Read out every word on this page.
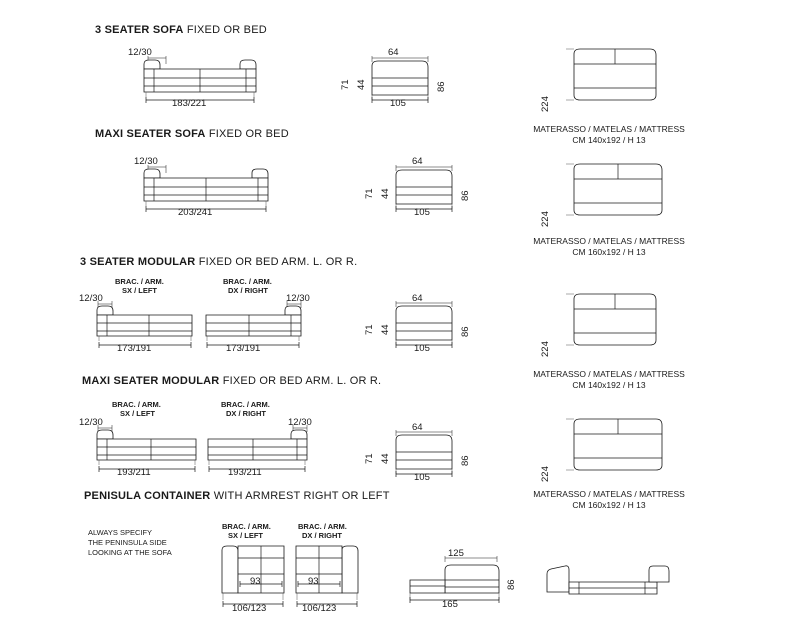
3 SEATER SOFA FIXED OR BED
12/30
183/221
64
71 44	86
105	224
MATERASSO / MATELAS / MATTRESS
CM 140x192 / H 13
MAXI SEATER SOFA FIXED OR BED
12/30
203/241
64
71 44	86
105	224
MATERASSO / MATELAS / MATTRESS
CM 160x192 / H 13
3 SEATER MODULAR FIXED OR BED ARM. L. OR R.
BRAC. / ARM.
SX / LEFT
BRAC. / ARM.
DX / RIGHT
12/30	12/30
173/191	173/191
64
71 44	86
105	224
MATERASSO / MATELAS / MATTRESS
CM 140x192 / H 13
MAXI SEATER MODULAR FIXED OR BED ARM. L. OR R.
BRAC. / ARM.
SX / LEFT
BRAC. / ARM.
DX / RIGHT
12/30	12/30
193/211	193/211
64
71 44	86
105	224
MATERASSO / MATELAS / MATTRESS
CM 160x192 / H 13
PENISULA CONTAINER WITH ARMREST RIGHT OR LEFT
ALWAYS SPECIFY
THE PENINSULA SIDE
LOOKING AT THE SOFA
BRAC. / ARM.
SX / LEFT
BRAC. / ARM.
DX / RIGHT
93
106/123
93
106/123
125
86
165
